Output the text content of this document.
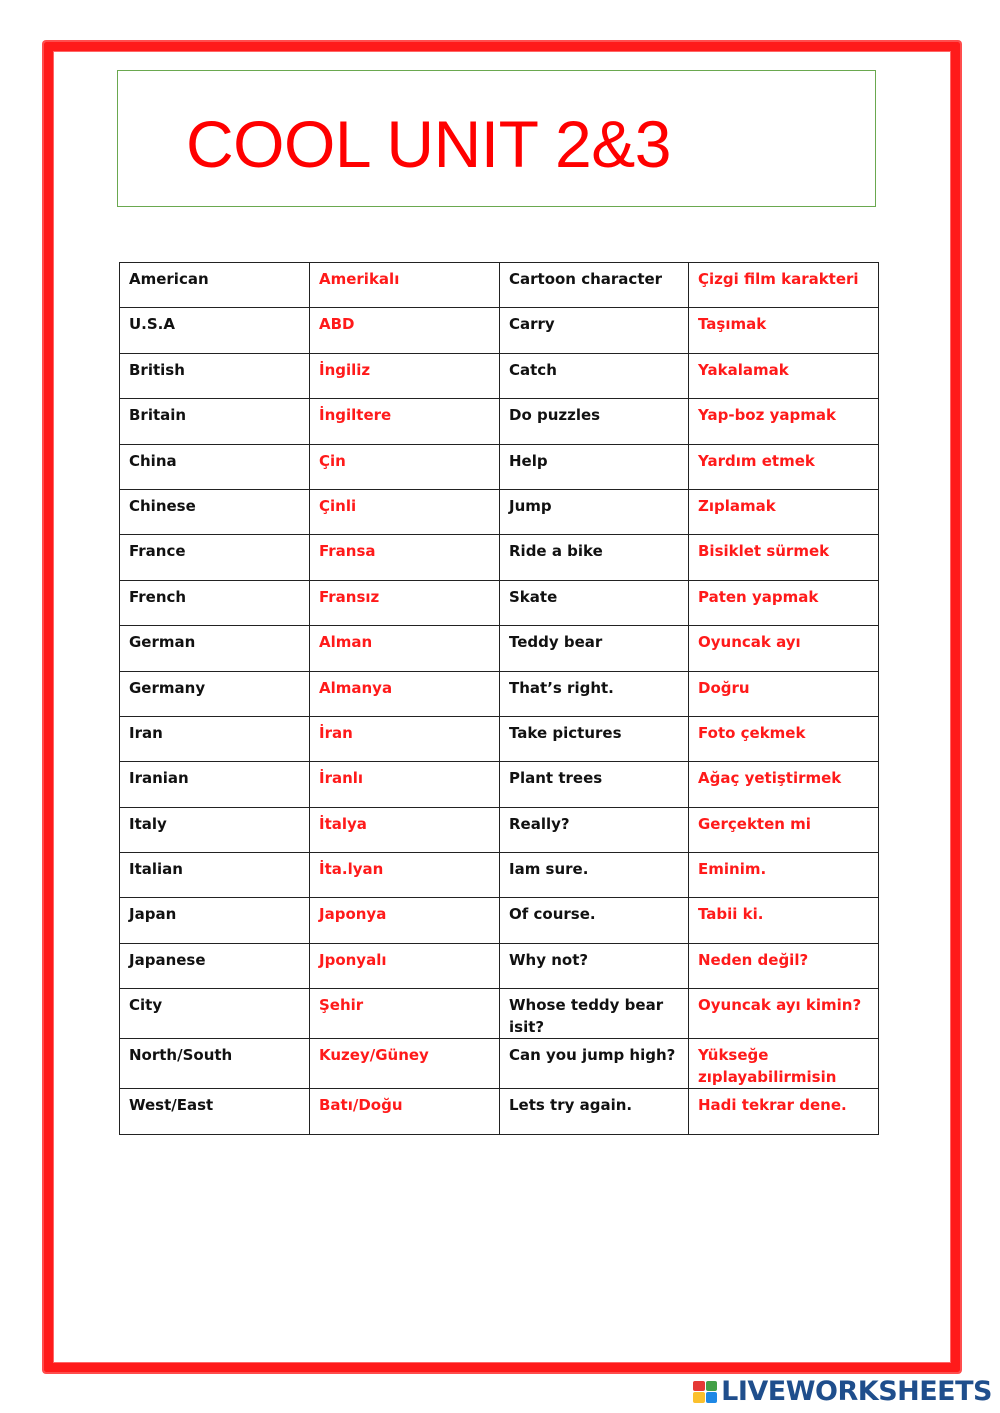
COOL UNIT 2&3
American	Amerikalı	Cartoon character	Çizgi film karakteri
U.S.A	ABD	Carry	Taşımak
British	İngiliz	Catch	Yakalamak
Britain	İngiltere	Do puzzles	Yap-boz yapmak
China	Çin	Help	Yardım etmek
Chinese	Çinli	Jump	Zıplamak
France	Fransa	Ride a bike	Bisiklet sürmek
French	Fransız	Skate	Paten yapmak
German	Alman	Teddy bear	Oyuncak ayı
Germany	Almanya	That’s right.	Doğru
Iran	İran	Take pictures	Foto çekmek
Iranian	İranlı	Plant trees	Ağaç yetiştirmek
Italy	İtalya	Really?	Gerçekten mi
Italian	İta.lyan	Iam sure.	Eminim.
Japan	Japonya	Of course.	Tabii ki.
Japanese	Jponyalı	Why not?	Neden değil?
City	Şehir	Whose teddy bear isit?	Oyuncak ayı kimin?
North/South	Kuzey/Güney	Can you jump high?	Yükseğe zıplayabilirmisin
West/East	Batı/Doğu	Lets try again.	Hadi tekrar dene.
LIVEWORKSHEETS
